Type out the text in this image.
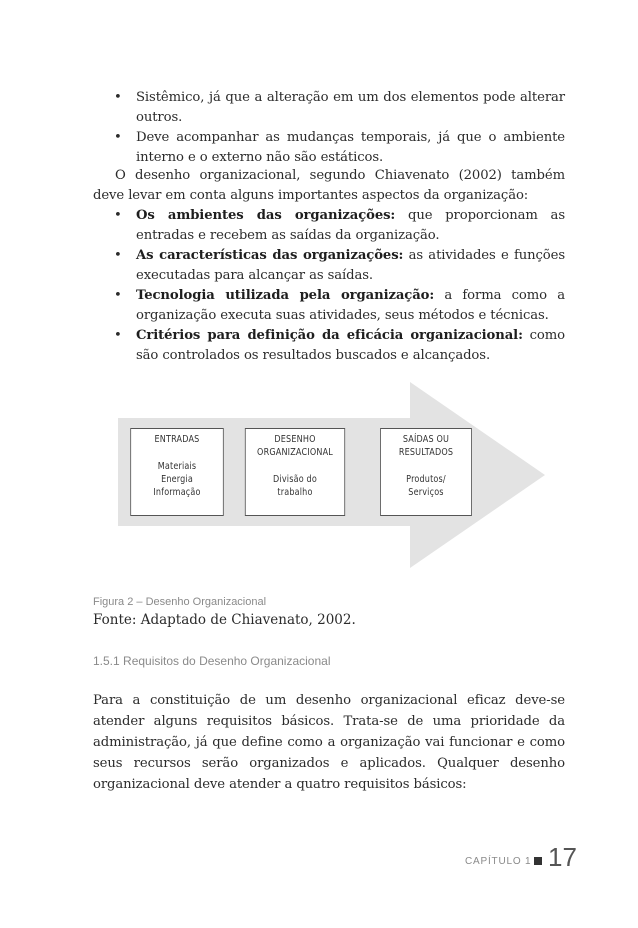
• Sistêmico, já que a alteração em um dos elementos pode alterar outros.
• Deve acompanhar as mudanças temporais, já que o ambiente interno e o externo não são estáticos.

O desenho organizacional, segundo Chiavenato (2002) também deve levar em conta alguns importantes aspectos da organização:

• Os ambientes das organizações: que proporcionam as entradas e recebem as saídas da organização.
• As características das organizações: as atividades e funções executadas para alcançar as saídas.
• Tecnologia utilizada pela organização: a forma como a organização executa suas atividades, seus métodos e técnicas.
• Critérios para definição da eficácia organizacional: como são controlados os resultados buscados e alcançados.
ENTRADAS
Materiais
Energia
Informação
DESENHO
ORGANIZACIONAL
Divisão do
trabalho
SAÍDAS OU
RESULTADOS
Produtos/
Serviços
Figura 2 – Desenho Organizacional
Fonte: Adaptado de Chiavenato, 2002.
1.5.1 Requisitos do Desenho Organizacional

Para a constituição de um desenho organizacional eficaz deve-se atender alguns requisitos básicos. Trata-se de uma prioridade da administração, já que define como a organização vai funcionar e como seus recursos serão organizados e aplicados. Qualquer desenho organizacional deve atender a quatro requisitos básicos:

CAPÍTULO 1 17
